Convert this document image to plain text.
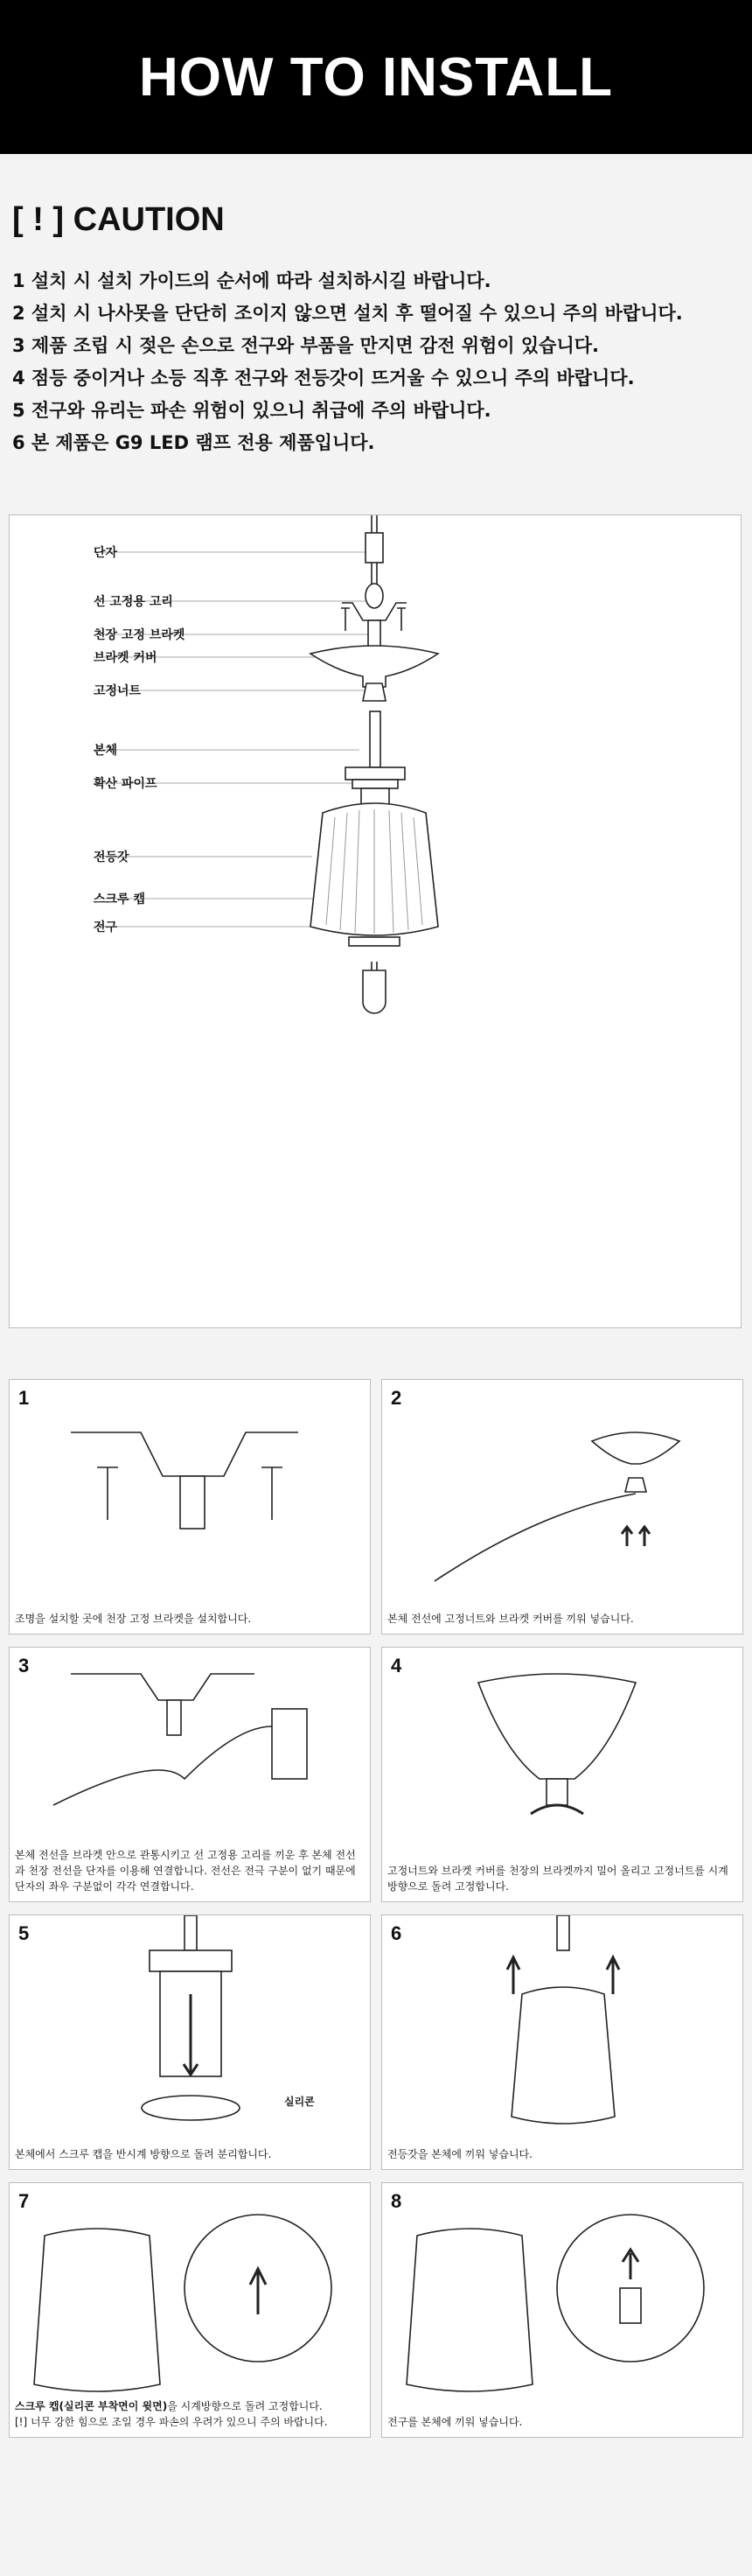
HOW TO INSTALL
[ ! ] CAUTION
1 설치 시 설치 가이드의 순서에 따라 설치하시길 바랍니다.
2 설치 시 나사못을 단단히 조이지 않으면 설치 후 떨어질 수 있으니 주의 바랍니다.
3 제품 조립 시 젖은 손으로 전구와 부품을 만지면 감전 위험이 있습니다.
4 점등 중이거나 소등 직후 전구와 전등갓이 뜨거울 수 있으니 주의 바랍니다.
5 전구와 유리는 파손 위험이 있으니 취급에 주의 바랍니다.
6 본 제품은 G9 LED 램프 전용 제품입니다.
단자
선 고정용 고리
천장 고정 브라켓
브라켓 커버
고정너트
본체
확산 파이프
전등갓
스크루 캡
전구
1
조명을 설치할 곳에 천장 고정 브라켓을 설치합니다.
2
본체 전선에 고정너트와 브라켓 커버를 끼워 넣습니다.
3
본체 전선을 브라켓 안으로 관통시키고 선 고정용 고리를 끼운 후 본체 전선과 천장 전선을 단자를 이용해 연결합니다. 전선은 전극 구분이 없기 때문에 단자의 좌우 구분없이 각각 연결합니다.
4
고정너트와 브라켓 커버를 천장의 브라켓까지 밀어 올리고 고정너트를 시계 방향으로 돌려 고정합니다.
5
실리콘
본체에서 스크루 캡을 반시계 방향으로 돌려 분리합니다.
6
전등갓을 본체에 끼워 넣습니다.
7
스크루 캡(실리콘 부착면이 윗면)을 시계방향으로 돌려 고정합니다.
[!] 너무 강한 힘으로 조일 경우 파손의 우려가 있으니 주의 바랍니다.
8
전구를 본체에 끼워 넣습니다.
